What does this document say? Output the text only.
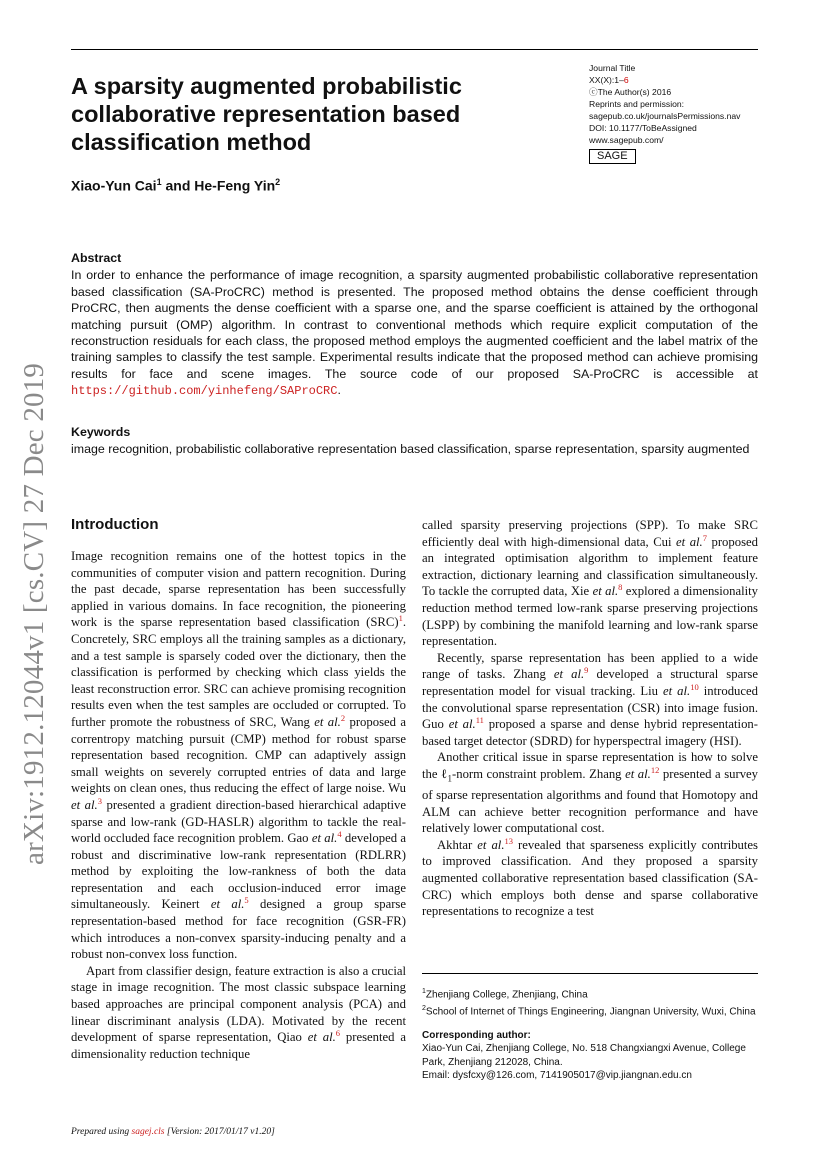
A sparsity augmented probabilistic collaborative representation based classification method
Xiao-Yun Cai$^1$ and He-Feng Yin$^2$
Journal Title
XX(X):1–6
ⓒThe Author(s) 2016
Reprints and permission:
sagepub.co.uk/journalsPermissions.nav
DOI: 10.1177/ToBeAssigned
www.sagepub.com/
SAGE
arXiv:1912.12044v1 [cs.CV] 27 Dec 2019
Abstract

In order to enhance the performance of image recognition, a sparsity augmented probabilistic collaborative representation based classification (SA-ProCRC) method is presented. The proposed method obtains the dense coefficient through ProCRC, then augments the dense coefficient with a sparse one, and the sparse coefficient is attained by the orthogonal matching pursuit (OMP) algorithm. In contrast to conventional methods which require explicit computation of the reconstruction residuals for each class, the proposed method employs the augmented coefficient and the label matrix of the training samples to classify the test sample. Experimental results indicate that the proposed method can achieve promising results for face and scene images. The source code of our proposed SA-ProCRC is accessible at https://github.com/yinhefeng/SAProCRC.

Keywords

image recognition, probabilistic collaborative representation based classification, sparse representation, sparsity augmented

Introduction

Image recognition remains one of the hottest topics in the communities of computer vision and pattern recognition. During the past decade, sparse representation has been successfully applied in various domains. In face recognition, the pioneering work is the sparse representation based classification (SRC)$^1$. Concretely, SRC employs all the training samples as a dictionary, and a test sample is sparsely coded over the dictionary, then the classification is performed by checking which class yields the least reconstruction error. SRC can achieve promising recognition results even when the test samples are occluded or corrupted. To further promote the robustness of SRC, Wang et al.$^2$ proposed a correntropy matching pursuit (CMP) method for robust sparse representation based recognition. CMP can adaptively assign small weights on severely corrupted entries of data and large weights on clean ones, thus reducing the effect of large noise. Wu et al.$^3$ presented a gradient direction-based hierarchical adaptive sparse and low-rank (GD-HASLR) algorithm to tackle the real-world occluded face recognition problem. Gao et al.$^4$ developed a robust and discriminative low-rank representation (RDLRR) method by exploiting the low-rankness of both the data representation and each occlusion-induced error image simultaneously. Keinert et al.$^5$ designed a group sparse representation-based method for face recognition (GSR-FR) which introduces a non-convex sparsity-inducing penalty and a robust non-convex loss function.

Apart from classifier design, feature extraction is also a crucial stage in image recognition. The most classic subspace learning based approaches are principal component analysis (PCA) and linear discriminant analysis (LDA). Motivated by the recent development of sparse representation, Qiao et al.$^6$ presented a dimensionality reduction technique

called sparsity preserving projections (SPP). To make SRC efficiently deal with high-dimensional data, Cui et al.$^7$ proposed an integrated optimisation algorithm to implement feature extraction, dictionary learning and classification simultaneously. To tackle the corrupted data, Xie et al.$^8$ explored a dimensionality reduction method termed low-rank sparse preserving projections (LSPP) by combining the manifold learning and low-rank sparse representation.

Recently, sparse representation has been applied to a wide range of tasks. Zhang et al.$^9$ developed a structural sparse representation model for visual tracking. Liu et al.$^{10}$ introduced the convolutional sparse representation (CSR) into image fusion. Guo et al.$^{11}$ proposed a sparse and dense hybrid representation-based target detector (SDRD) for hyperspectral imagery (HSI).

Another critical issue in sparse representation is how to solve the ℓ$_1$-norm constraint problem. Zhang et al.$^{12}$ presented a survey of sparse representation algorithms and found that Homotopy and ALM can achieve better recognition performance and have relatively lower computational cost.

Akhtar et al.$^{13}$ revealed that sparseness explicitly contributes to improved classification. And they proposed a sparsity augmented collaborative representation based classification (SA-CRC) which employs both dense and sparse collaborative representations to recognize a test

$^1$Zhenjiang College, Zhenjiang, China

$^2$School of Internet of Things Engineering, Jiangnan University, Wuxi, China

Corresponding author:

Xiao-Yun Cai, Zhenjiang College, No. 518 Changxiangxi Avenue, College Park, Zhenjiang 212028, China.

Email: dysfcxy@126.com, 7141905017@vip.jiangnan.edu.cn

Prepared using sagej.cls [Version: 2017/01/17 v1.20]
